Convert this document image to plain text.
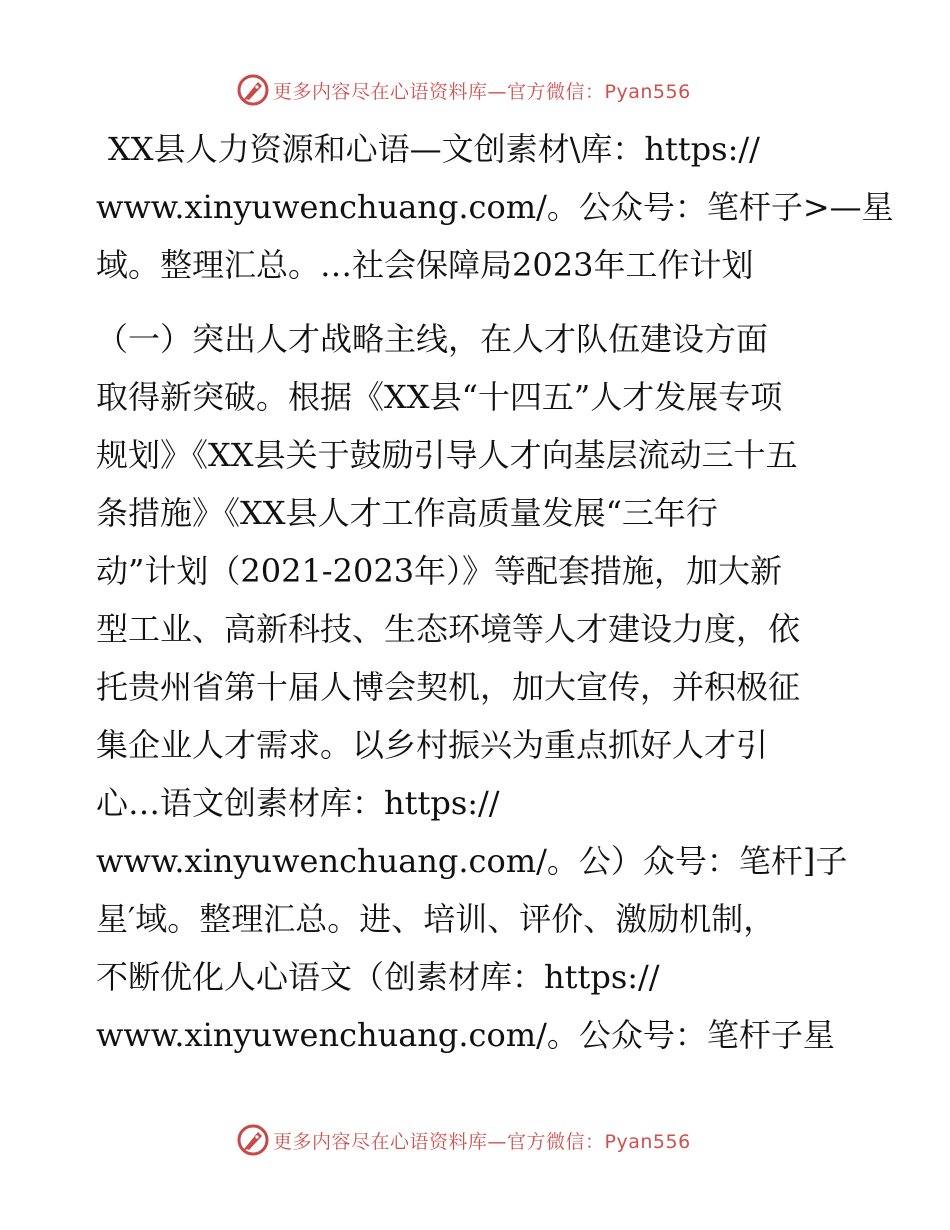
更多内容尽在心语资料库—官方微信：Pyan556
XX县人力资源和心语—文创素材\库：https://
www.xinyuwenchuang.com/。公众号：笔杆子>—星
域。整理汇总。…社会保障局2023年工作计划
（一）突出人才战略主线，在人才队伍建设方面
取得新突破。根据《XX县“十四五”人才发展专项
规划》《XX县关于鼓励引导人才向基层流动三十五
条措施》《XX县人才工作高质量发展“三年行
动”计划（2021-2023年）》等配套措施，加大新
型工业、高新科技、生态环境等人才建设力度，依
托贵州省第十届人博会契机，加大宣传，并积极征
集企业人才需求。以乡村振兴为重点抓好人才引
心…语文创素材库：https://
www.xinyuwenchuang.com/。公）众号：笔杆]子
星′域。整理汇总。进、培训、评价、激励机制，
不断优化人心语文（创素材库：https://
www.xinyuwenchuang.com/。公众号：笔杆子星
更多内容尽在心语资料库—官方微信：Pyan556
